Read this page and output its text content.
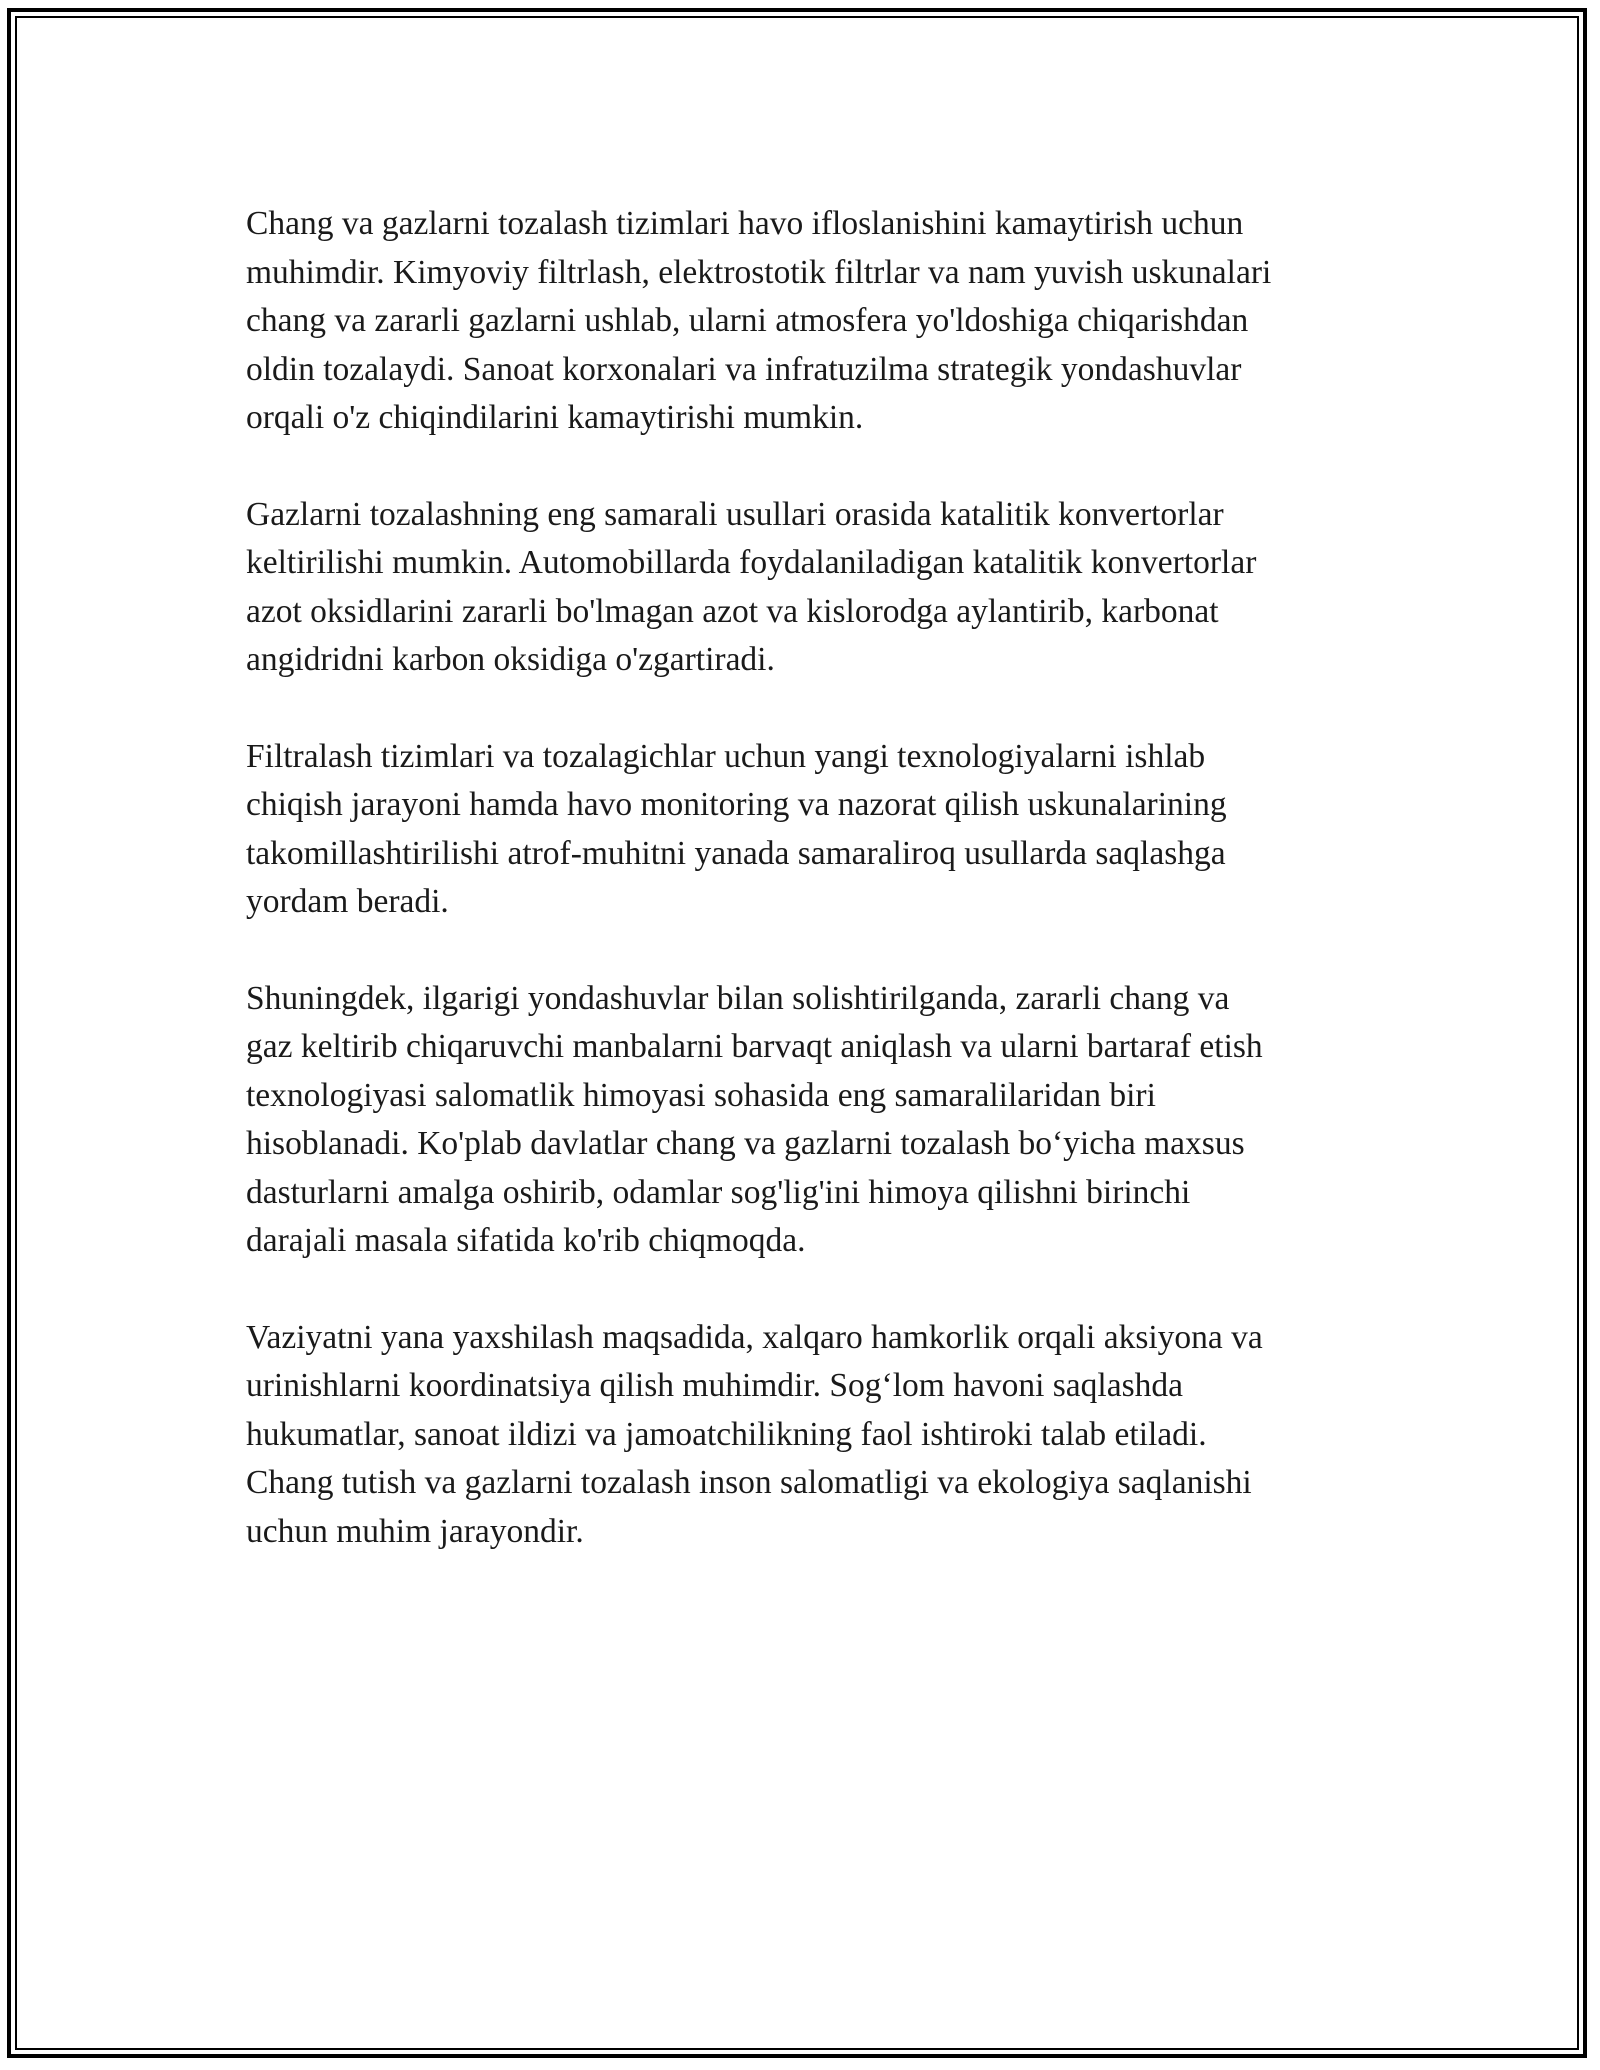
Chang va gazlarni tozalash tizimlari havo ifloslanishini kamaytirish uchun
muhimdir. Kimyoviy filtrlash, elektrostotik filtrlar va nam yuvish uskunalari
chang va zararli gazlarni ushlab, ularni atmosfera yo'ldoshiga chiqarishdan
oldin tozalaydi. Sanoat korxonalari va infratuzilma strategik yondashuvlar
orqali o'z chiqindilarini kamaytirishi mumkin.

Gazlarni tozalashning eng samarali usullari orasida katalitik konvertorlar
keltirilishi mumkin. Automobillarda foydalaniladigan katalitik konvertorlar
azot oksidlarini zararli bo'lmagan azot va kislorodga aylantirib, karbonat
angidridni karbon oksidiga o'zgartiradi.

Filtralash tizimlari va tozalagichlar uchun yangi texnologiyalarni ishlab
chiqish jarayoni hamda havo monitoring va nazorat qilish uskunalarining
takomillashtirilishi atrof-muhitni yanada samaraliroq usullarda saqlashga
yordam beradi.

Shuningdek, ilgarigi yondashuvlar bilan solishtirilganda, zararli chang va
gaz keltirib chiqaruvchi manbalarni barvaqt aniqlash va ularni bartaraf etish
texnologiyasi salomatlik himoyasi sohasida eng samaralilaridan biri
hisoblanadi. Ko'plab davlatlar chang va gazlarni tozalash bo‘yicha maxsus
dasturlarni amalga oshirib, odamlar sog'lig'ini himoya qilishni birinchi
darajali masala sifatida ko'rib chiqmoqda.

Vaziyatni yana yaxshilash maqsadida, xalqaro hamkorlik orqali aksiyona va
urinishlarni koordinatsiya qilish muhimdir. Sog‘lom havoni saqlashda
hukumatlar, sanoat ildizi va jamoatchilikning faol ishtiroki talab etiladi.
Chang tutish va gazlarni tozalash inson salomatligi va ekologiya saqlanishi
uchun muhim jarayondir.
